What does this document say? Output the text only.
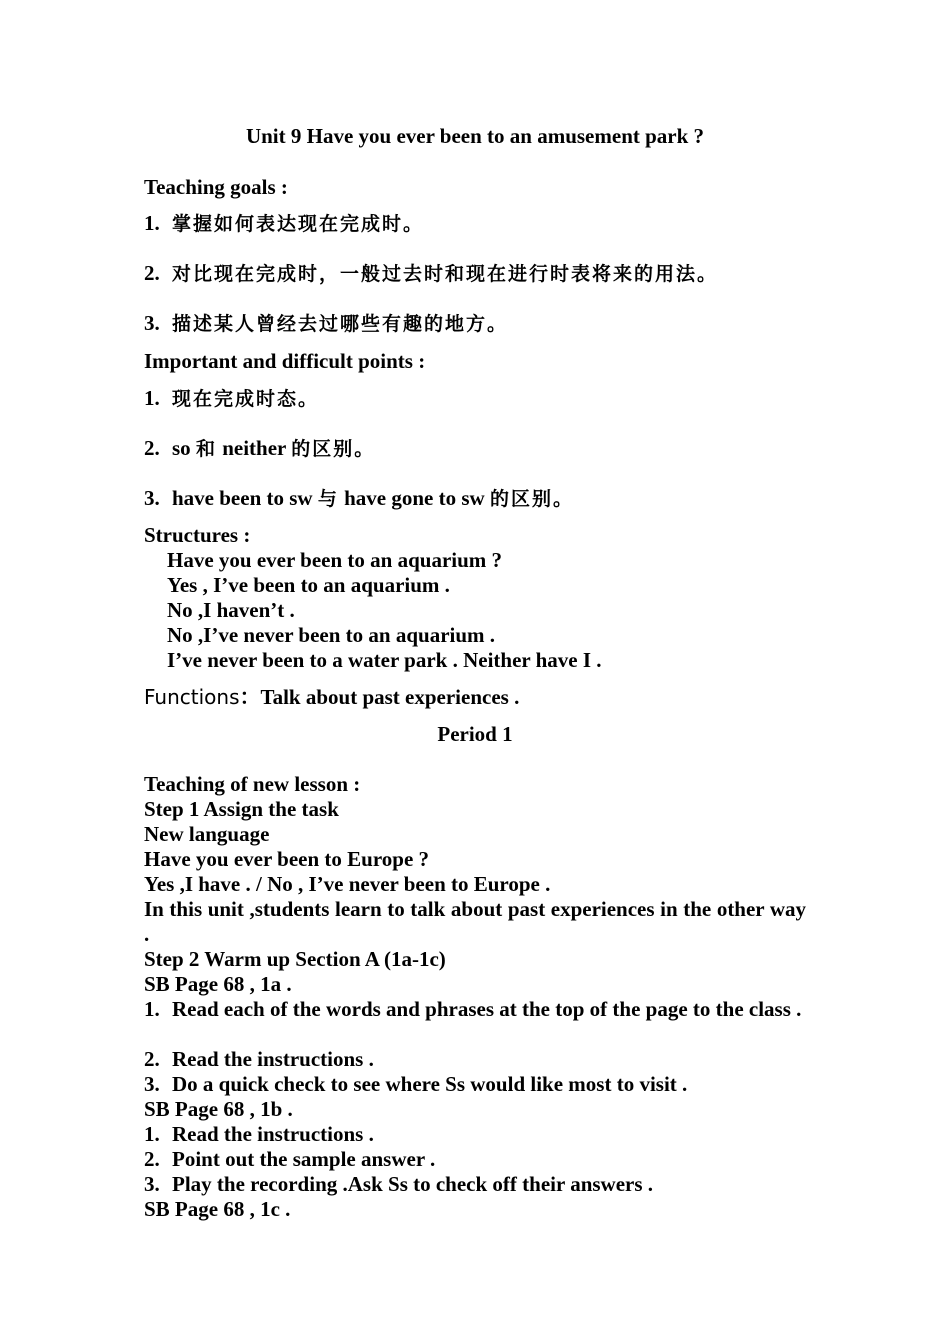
Unit 9 Have you ever been to an amusement park ?
Teaching goals :
1. 掌握如何表达现在完成时。
2. 对比现在完成时，一般过去时和现在进行时表将来的用法。
3. 描述某人曾经去过哪些有趣的地方。
Important and difficult points :
1. 现在完成时态。
2. so 和 neither 的区别。
3. have been to sw 与 have gone to sw 的区别。
Structures :
Have you ever been to an aquarium ?
Yes , I’ve been to an aquarium .
No ,I haven’t .
No ,I’ve never been to an aquarium .
I’ve never been to a water park . Neither have I .
Functions：Talk about past experiences .
Period 1
Teaching of new lesson :
Step 1 Assign the task
New language
Have you ever been to Europe ?
Yes ,I have . / No , I’ve never been to Europe .
In this unit ,students learn to talk about past experiences in the other way .
Step 2 Warm up Section A (1a-1c)
SB Page 68 , 1a .
1. Read each of the words and phrases at the top of the page to the class .
2. Read the instructions .
3. Do a quick check to see where Ss would like most to visit .
SB Page 68 , 1b .
1. Read the instructions .
2. Point out the sample answer .
3. Play the recording .Ask Ss to check off their answers .
SB Page 68 , 1c .
